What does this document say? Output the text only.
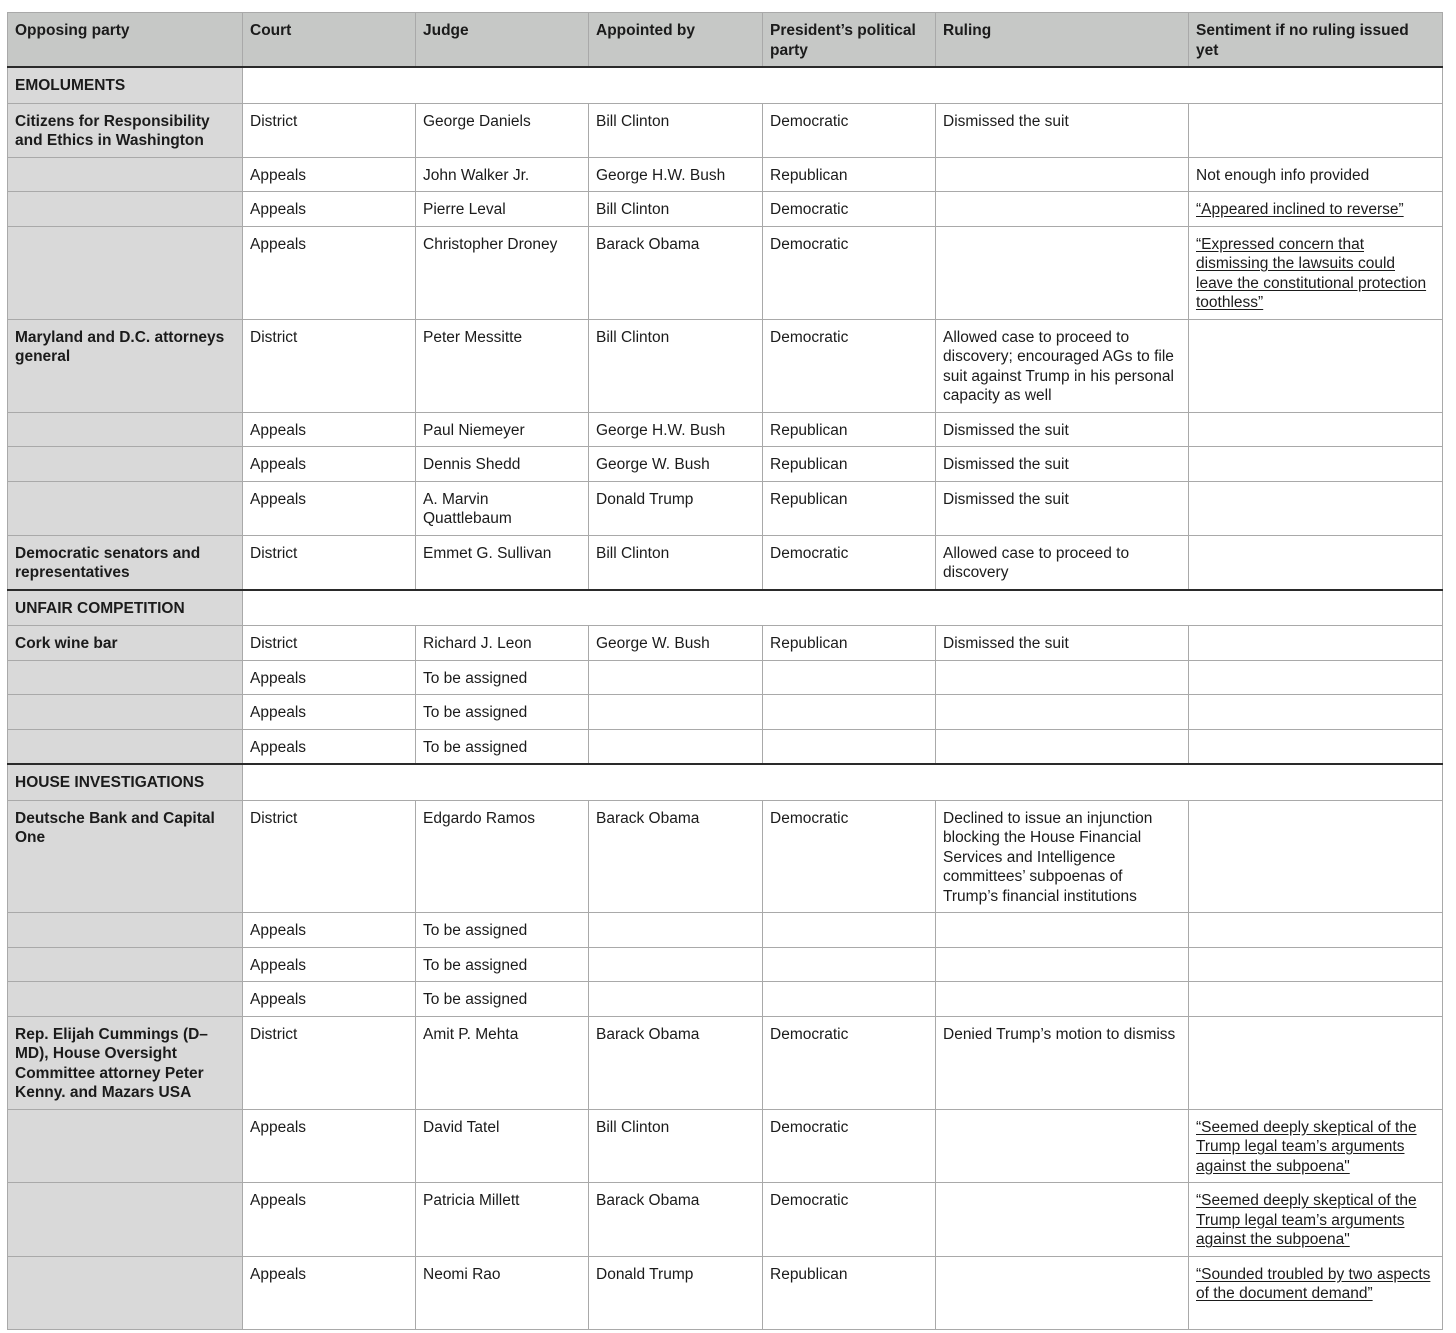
Opposing party	Court	Judge	Appointed by	President’s political party	Ruling	Sentiment if no ruling issued yet
EMOLUMENTS						
Citizens for Responsibility and Ethics in Washington	District	George Daniels	Bill Clinton	Democratic	Dismissed the suit	
	Appeals	John Walker Jr.	George H.W. Bush	Republican		Not enough info provided
	Appeals	Pierre Leval	Bill Clinton	Democratic		“Appeared inclined to reverse”
	Appeals	Christopher Droney	Barack Obama	Democratic		“Expressed concern that dismissing the lawsuits could leave the constitutional protection toothless”
Maryland and D.C. attorneys general	District	Peter Messitte	Bill Clinton	Democratic	Allowed case to proceed to discovery; encouraged AGs to file suit against Trump in his personal capacity as well	
	Appeals	Paul Niemeyer	George H.W. Bush	Republican	Dismissed the suit	
	Appeals	Dennis Shedd	George W. Bush	Republican	Dismissed the suit	
	Appeals	A. Marvin Quattlebaum	Donald Trump	Republican	Dismissed the suit	
Democratic senators and representatives	District	Emmet G. Sullivan	Bill Clinton	Democratic	Allowed case to proceed to discovery	
UNFAIR COMPETITION						
Cork wine bar	District	Richard J. Leon	George W. Bush	Republican	Dismissed the suit	
	Appeals	To be assigned				
	Appeals	To be assigned				
	Appeals	To be assigned				
HOUSE INVESTIGATIONS						
Deutsche Bank and Capital One	District	Edgardo Ramos	Barack Obama	Democratic	Declined to issue an injunction blocking the House Financial Services and Intelligence committees’ subpoenas of Trump’s financial institutions	
	Appeals	To be assigned				
	Appeals	To be assigned				
	Appeals	To be assigned				
Rep. Elijah Cummings (D–MD), House Oversight Committee attorney Peter Kenny. and Mazars USA	District	Amit P. Mehta	Barack Obama	Democratic	Denied Trump’s motion to dismiss	
	Appeals	David Tatel	Bill Clinton	Democratic		“Seemed deeply skeptical of the Trump legal team’s arguments against the subpoena"
	Appeals	Patricia Millett	Barack Obama	Democratic		“Seemed deeply skeptical of the Trump legal team’s arguments against the subpoena"
	Appeals	Neomi Rao	Donald Trump	Republican		“Sounded troubled by two aspects of the document demand”
